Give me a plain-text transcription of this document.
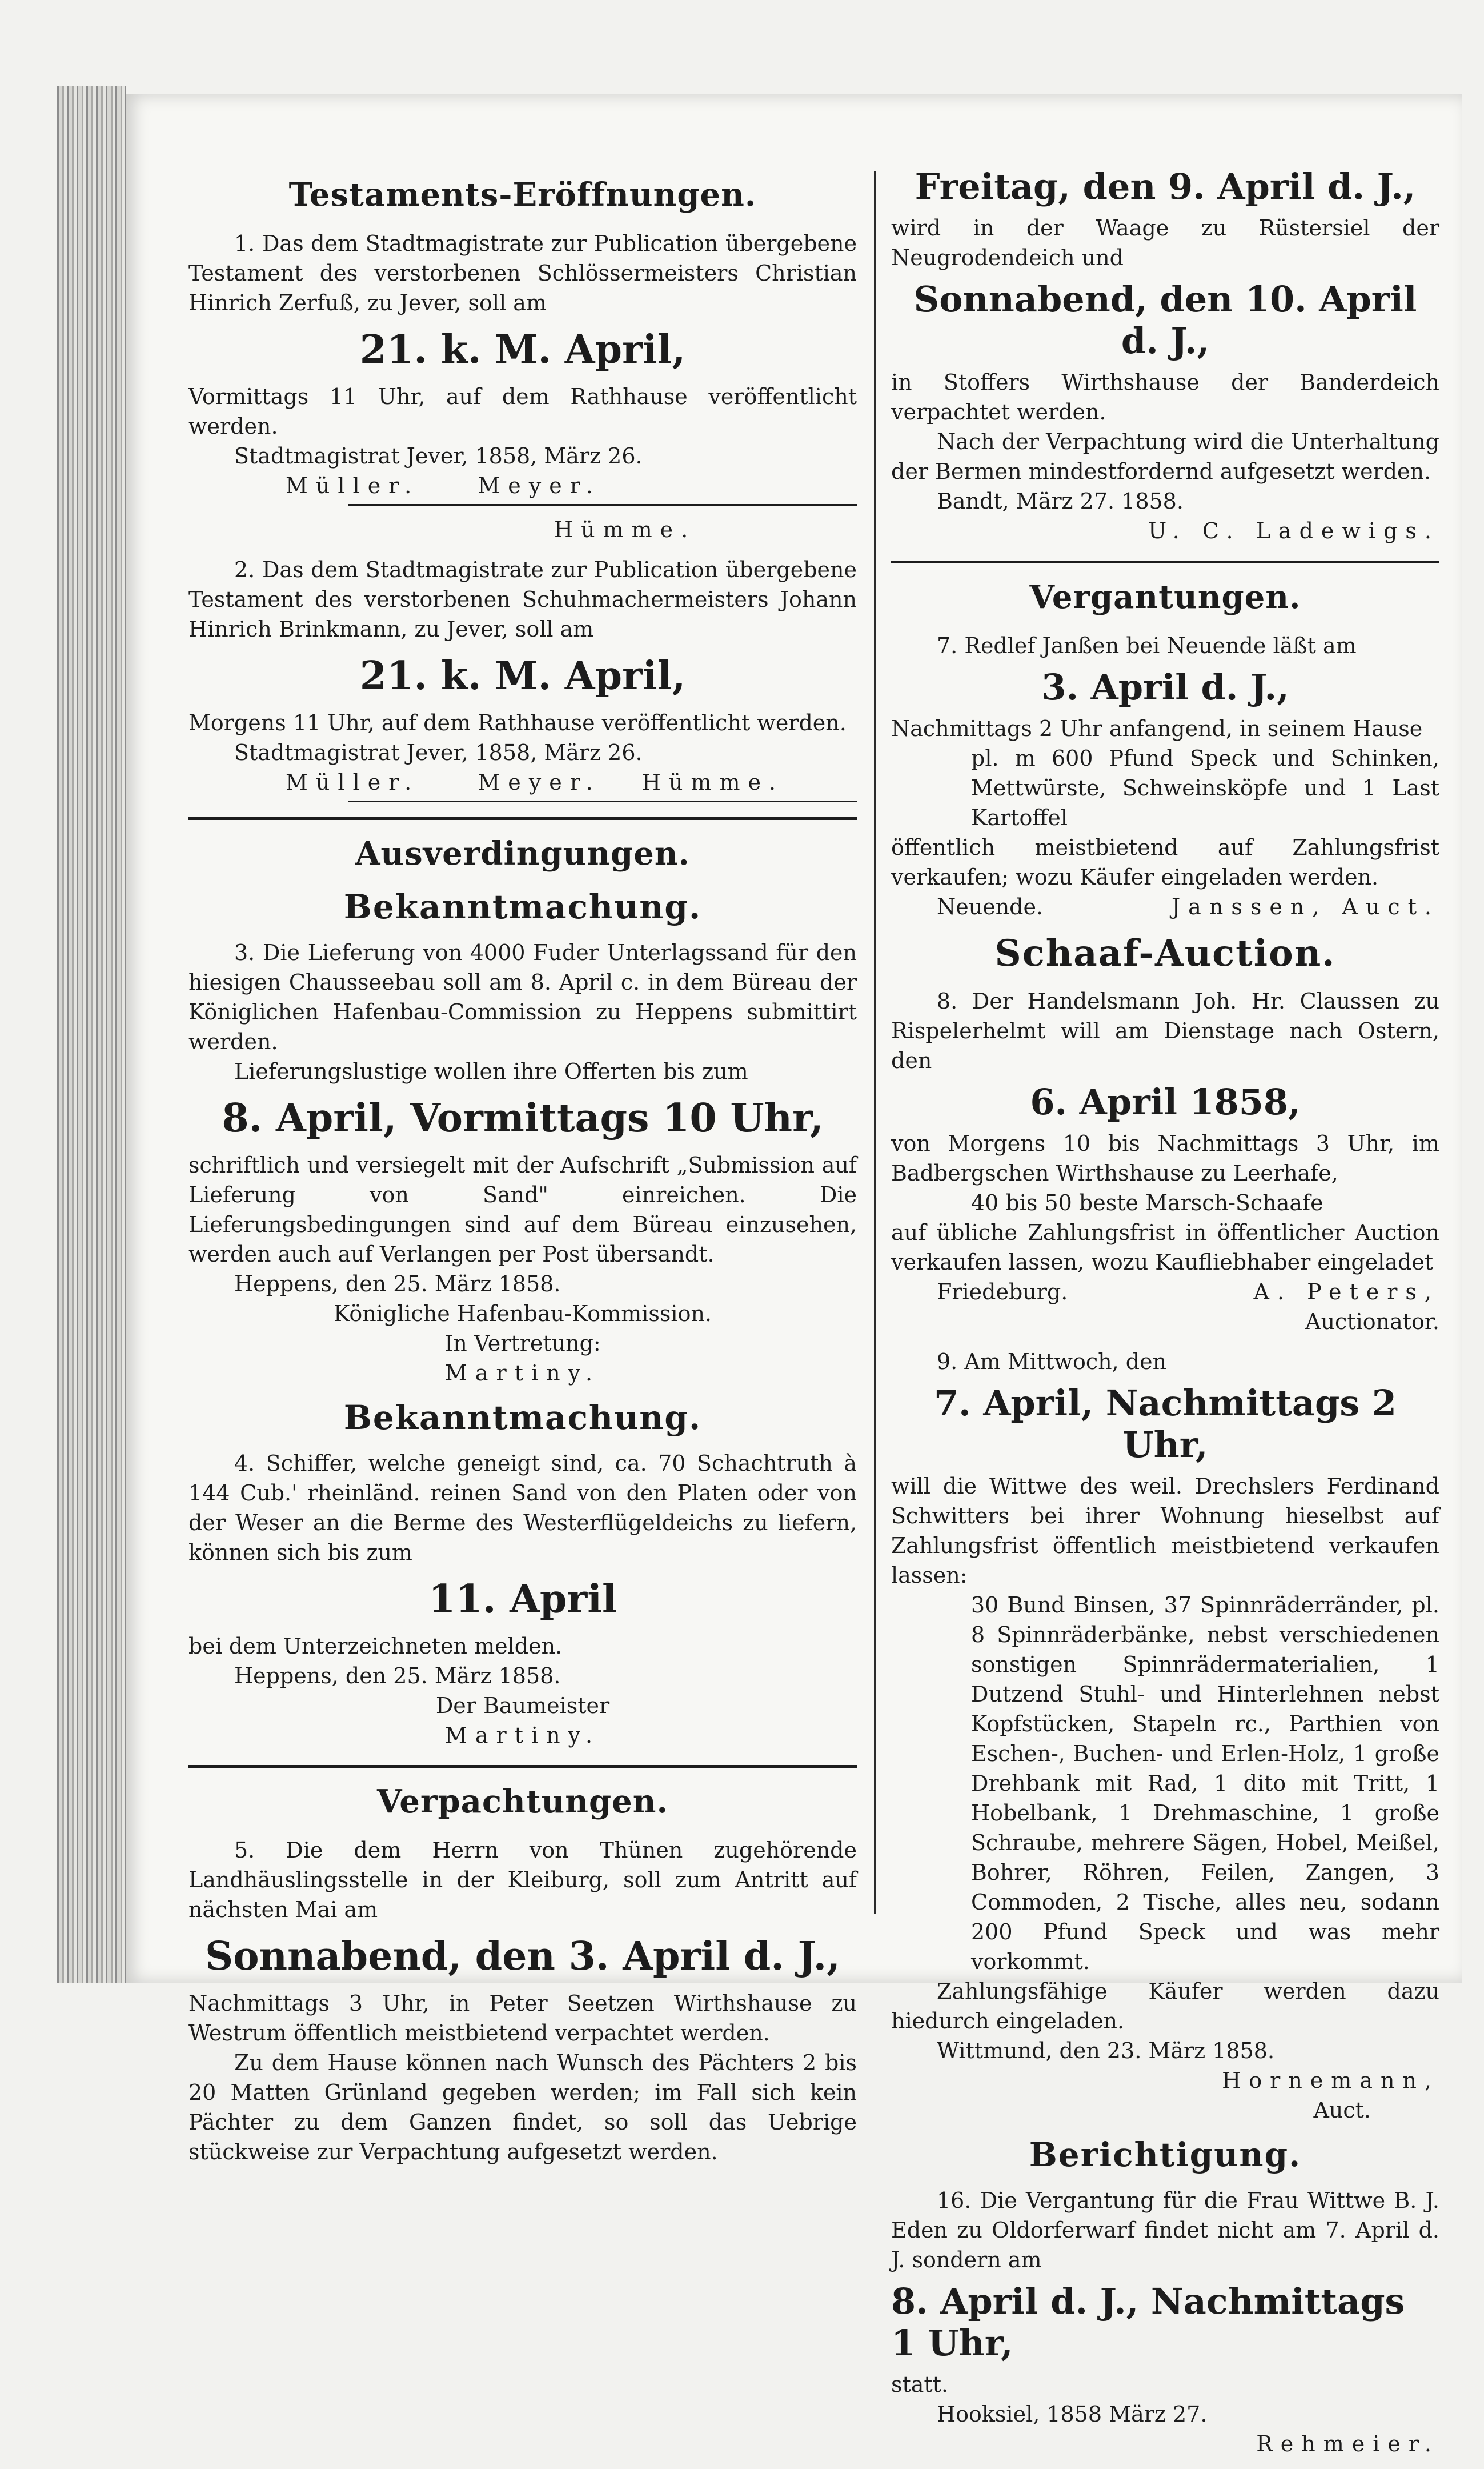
Testaments-Eröffnungen.

1. Das dem Stadtmagistrate zur Publication übergebene Testament des verstorbenen Schlössermeisters Christian Hinrich Zerfuß, zu Jever, soll am

21. k. M. April,

Vormittags 11 Uhr, auf dem Rathhause veröffentlicht werden.

Stadtmagistrat Jever, 1858, März 26.

Müller.	Meyer.
Hümme.

2. Das dem Stadtmagistrate zur Publication übergebene Testament des verstorbenen Schuhmachermeisters Johann Hinrich Brinkmann, zu Jever, soll am

21. k. M. April,

Morgens 11 Uhr, auf dem Rathhause veröffentlicht werden.

Stadtmagistrat Jever, 1858, März 26.

Müller.	Meyer. Hümme.
Ausverdingungen.
Bekanntmachung.

3. Die Lieferung von 4000 Fuder Unterlagssand für den hiesigen Chausseebau soll am 8. April c. in dem Büreau der Königlichen Hafenbau-Commission zu Heppens submittirt werden.

Lieferungslustige wollen ihre Offerten bis zum

8. April, Vormittags 10 Uhr,

schriftlich und versiegelt mit der Aufschrift „Submission auf Lieferung von Sand" einreichen. Die Lieferungsbedingungen sind auf dem Büreau einzusehen, werden auch auf Verlangen per Post übersandt.

Heppens, den 25. März 1858.

Königliche Hafenbau-Kommission.

In Vertretung:

Martiny.

Bekanntmachung.

4. Schiffer, welche geneigt sind, ca. 70 Schachtruth à 144 Cub.' rheinländ. reinen Sand von den Platen oder von der Weser an die Berme des Westerflügeldeichs zu liefern, können sich bis zum

11. April

bei dem Unterzeichneten melden.

Heppens, den 25. März 1858.

Der Baumeister

Martiny.

Verpachtungen.

5. Die dem Herrn von Thünen zugehörende Landhäuslingsstelle in der Kleiburg, soll zum Antritt auf nächsten Mai am

Sonnabend, den 3. April d. J.,

Nachmittags 3 Uhr, in Peter Seetzen Wirthshause zu Westrum öffentlich meistbietend verpachtet werden.

Zu dem Hause können nach Wunsch des Pächters 2 bis 20 Matten Grünland gegeben werden; im Fall sich kein Pächter zu dem Ganzen findet, so soll das Uebrige stückweise zur Verpachtung aufgesetzt werden.

Freitag, den 9. April d. J.,

wird in der Waage zu Rüstersiel der Neugrodendeich und

Sonnabend, den 10. April d. J.,

in Stoffers Wirthshause der Banderdeich verpachtet werden.

Nach der Verpachtung wird die Unterhaltung der Bermen mindestfordernd aufgesetzt werden.

Bandt, März 27. 1858.

U. C. Ladewigs.

Vergantungen.

7. Redlef Janßen bei Neuende läßt am

3. April d. J.,

Nachmittags 2 Uhr anfangend, in seinem Hause

pl. m 600 Pfund Speck und Schinken, Mettwürste, Schweinsköpfe und 1 Last Kartoffel

öffentlich meistbietend auf Zahlungsfrist verkaufen; wozu Käufer eingeladen werden.

Neuende.	Janssen, Auct.
Schaaf-Auction.

8. Der Handelsmann Joh. Hr. Claussen zu Rispelerhelmt will am Dienstage nach Ostern, den

6. April 1858,

von Morgens 10 bis Nachmittags 3 Uhr, im Badbergschen Wirthshause zu Leerhafe,

40 bis 50 beste Marsch-Schaafe

auf übliche Zahlungsfrist in öffentlicher Auction verkaufen lassen, wozu Kaufliebhaber eingeladet

Friedeburg.	A. Peters,

Auctionator.

9. Am Mittwoch, den

7. April, Nachmittags 2 Uhr,

will die Wittwe des weil. Drechslers Ferdinand Schwitters bei ihrer Wohnung hieselbst auf Zahlungsfrist öffentlich meistbietend verkaufen lassen:

30 Bund Binsen, 37 Spinnräderränder, pl. 8 Spinnräderbänke, nebst verschiedenen sonstigen Spinnrädermaterialien, 1 Dutzend Stuhl- und Hinterlehnen nebst Kopfstücken, Stapeln rc., Parthien von Eschen-, Buchen- und Erlen-Holz, 1 große Drehbank mit Rad, 1 dito mit Tritt, 1 Hobelbank, 1 Drehmaschine, 1 große Schraube, mehrere Sägen, Hobel, Meißel, Bohrer, Röhren, Feilen, Zangen, 3 Commoden, 2 Tische, alles neu, sodann 200 Pfund Speck und was mehr vorkommt.

Zahlungsfähige Käufer werden dazu hiedurch eingeladen.

Wittmund, den 23. März 1858.

Hornemann,

Auct.

Berichtigung.

16. Die Vergantung für die Frau Wittwe B. J. Eden zu Oldorferwarf findet nicht am 7. April d. J. sondern am

8. April d. J., Nachmittags 1 Uhr,

statt.

Hooksiel, 1858 März 27.

Rehmeier.
